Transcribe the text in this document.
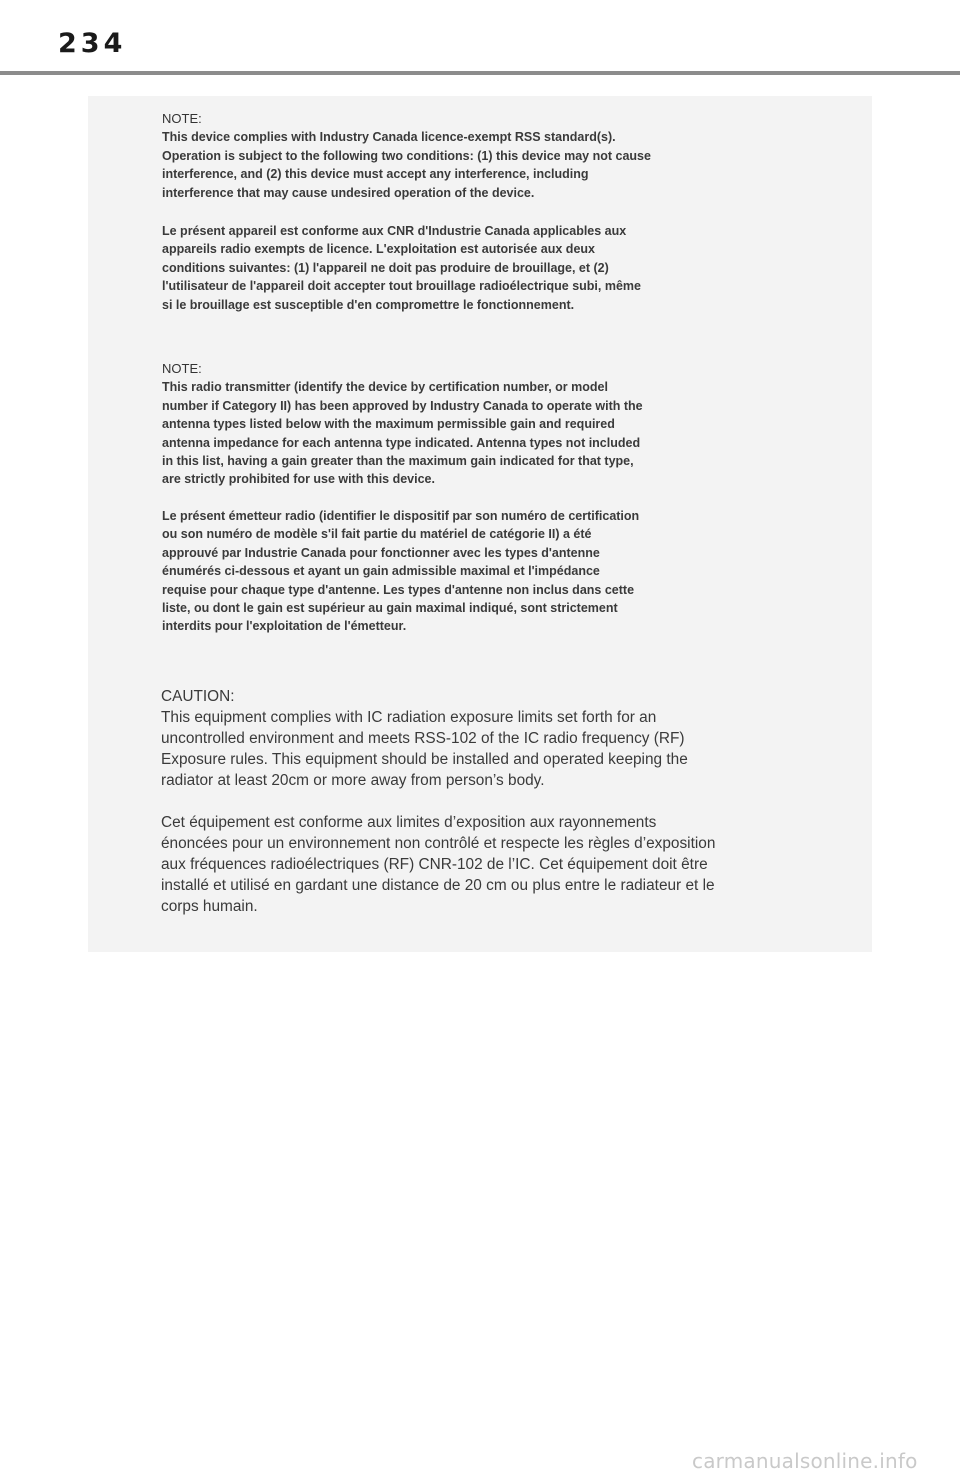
234

NOTE:
This device complies with Industry Canada licence-exempt RSS standard(s).
Operation is subject to the following two conditions: (1) this device may not cause
interference, and (2) this device must accept any interference, including
interference that may cause undesired operation of the device.

Le présent appareil est conforme aux CNR d'Industrie Canada applicables aux
appareils radio exempts de licence. L'exploitation est autorisée aux deux
conditions suivantes: (1) l'appareil ne doit pas produire de brouillage, et (2)
l'utilisateur de l'appareil doit accepter tout brouillage radioélectrique subi, même
si le brouillage est susceptible d'en compromettre le fonctionnement.

NOTE:
This radio transmitter (identify the device by certification number, or model
number if Category II) has been approved by Industry Canada to operate with the
antenna types listed below with the maximum permissible gain and required
antenna impedance for each antenna type indicated. Antenna types not included
in this list, having a gain greater than the maximum gain indicated for that type,
are strictly prohibited for use with this device.

Le présent émetteur radio (identifier le dispositif par son numéro de certification
ou son numéro de modèle s'il fait partie du matériel de catégorie II) a été
approuvé par Industrie Canada pour fonctionner avec les types d'antenne
énumérés ci-dessous et ayant un gain admissible maximal et l'impédance
requise pour chaque type d'antenne. Les types d'antenne non inclus dans cette
liste, ou dont le gain est supérieur au gain maximal indiqué, sont strictement
interdits pour l'exploitation de l'émetteur.

CAUTION:
This equipment complies with IC radiation exposure limits set forth for an
uncontrolled environment and meets RSS-102 of the IC radio frequency (RF)
Exposure rules. This equipment should be installed and operated keeping the
radiator at least 20cm or more away from person’s body.

Cet équipement est conforme aux limites d’exposition aux rayonnements
énoncées pour un environnement non contrôlé et respecte les règles d’exposition
aux fréquences radioélectriques (RF) CNR-102 de l’IC. Cet équipement doit être
installé et utilisé en gardant une distance de 20 cm ou plus entre le radiateur et le
corps humain.

carmanualsonline.info
